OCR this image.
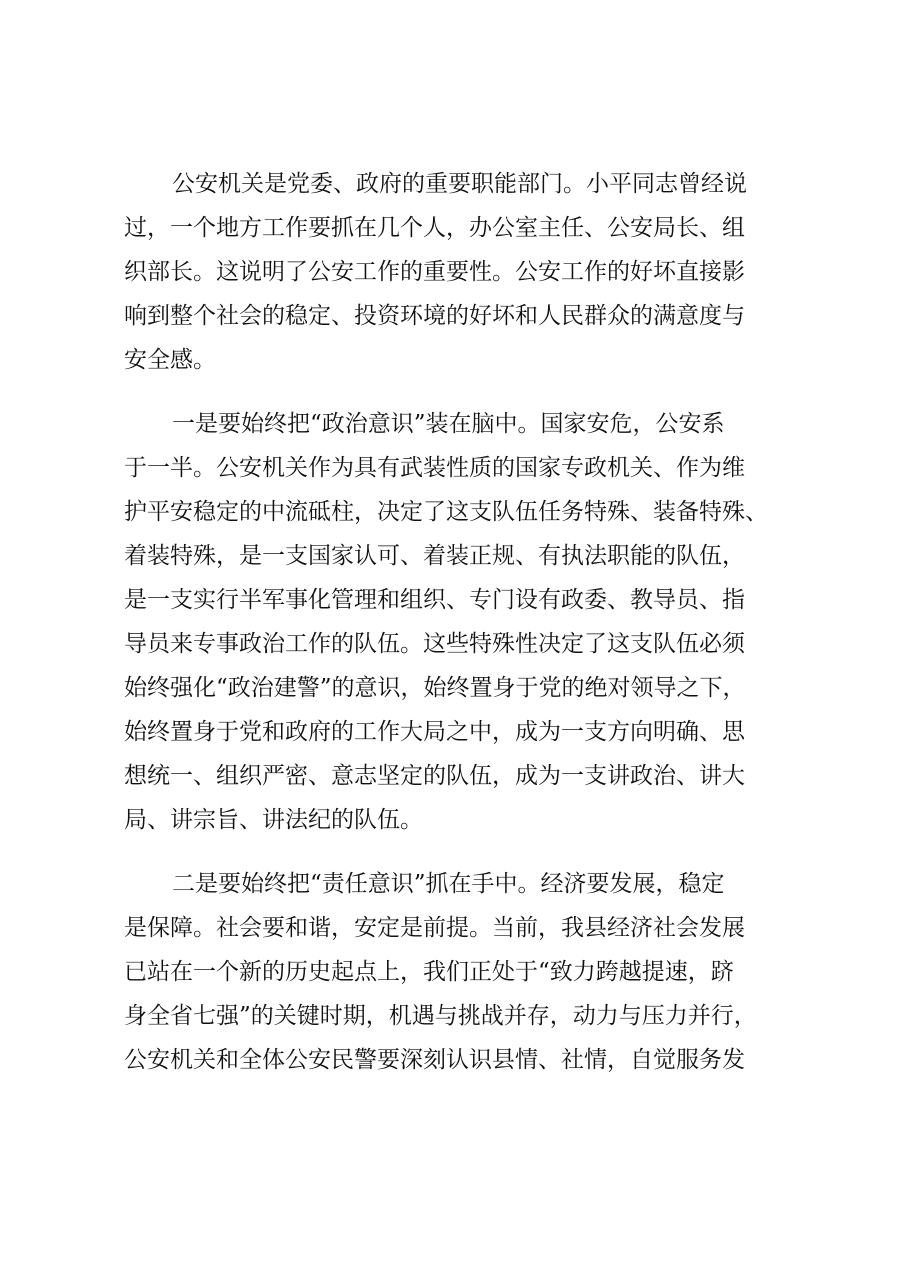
公安机关是党委、政府的重要职能部门。小平同志曾经说
过，一个地方工作要抓在几个人，办公室主任、公安局长、组
织部长。这说明了公安工作的重要性。公安工作的好坏直接影
响到整个社会的稳定、投资环境的好坏和人民群众的满意度与
安全感。
一是要始终把“政治意识”装在脑中。国家安危，公安系
于一半。公安机关作为具有武装性质的国家专政机关、作为维
护平安稳定的中流砥柱，决定了这支队伍任务特殊、装备特殊、
着装特殊，是一支国家认可、着装正规、有执法职能的队伍，
是一支实行半军事化管理和组织、专门设有政委、教导员、指
导员来专事政治工作的队伍。这些特殊性决定了这支队伍必须
始终强化“政治建警”的意识，始终置身于党的绝对领导之下，
始终置身于党和政府的工作大局之中，成为一支方向明确、思
想统一、组织严密、意志坚定的队伍，成为一支讲政治、讲大
局、讲宗旨、讲法纪的队伍。
二是要始终把“责任意识”抓在手中。经济要发展，稳定
是保障。社会要和谐，安定是前提。当前，我县经济社会发展
已站在一个新的历史起点上，我们正处于“致力跨越提速，跻
身全省七强”的关键时期，机遇与挑战并存，动力与压力并行，
公安机关和全体公安民警要深刻认识县情、社情，自觉服务发
